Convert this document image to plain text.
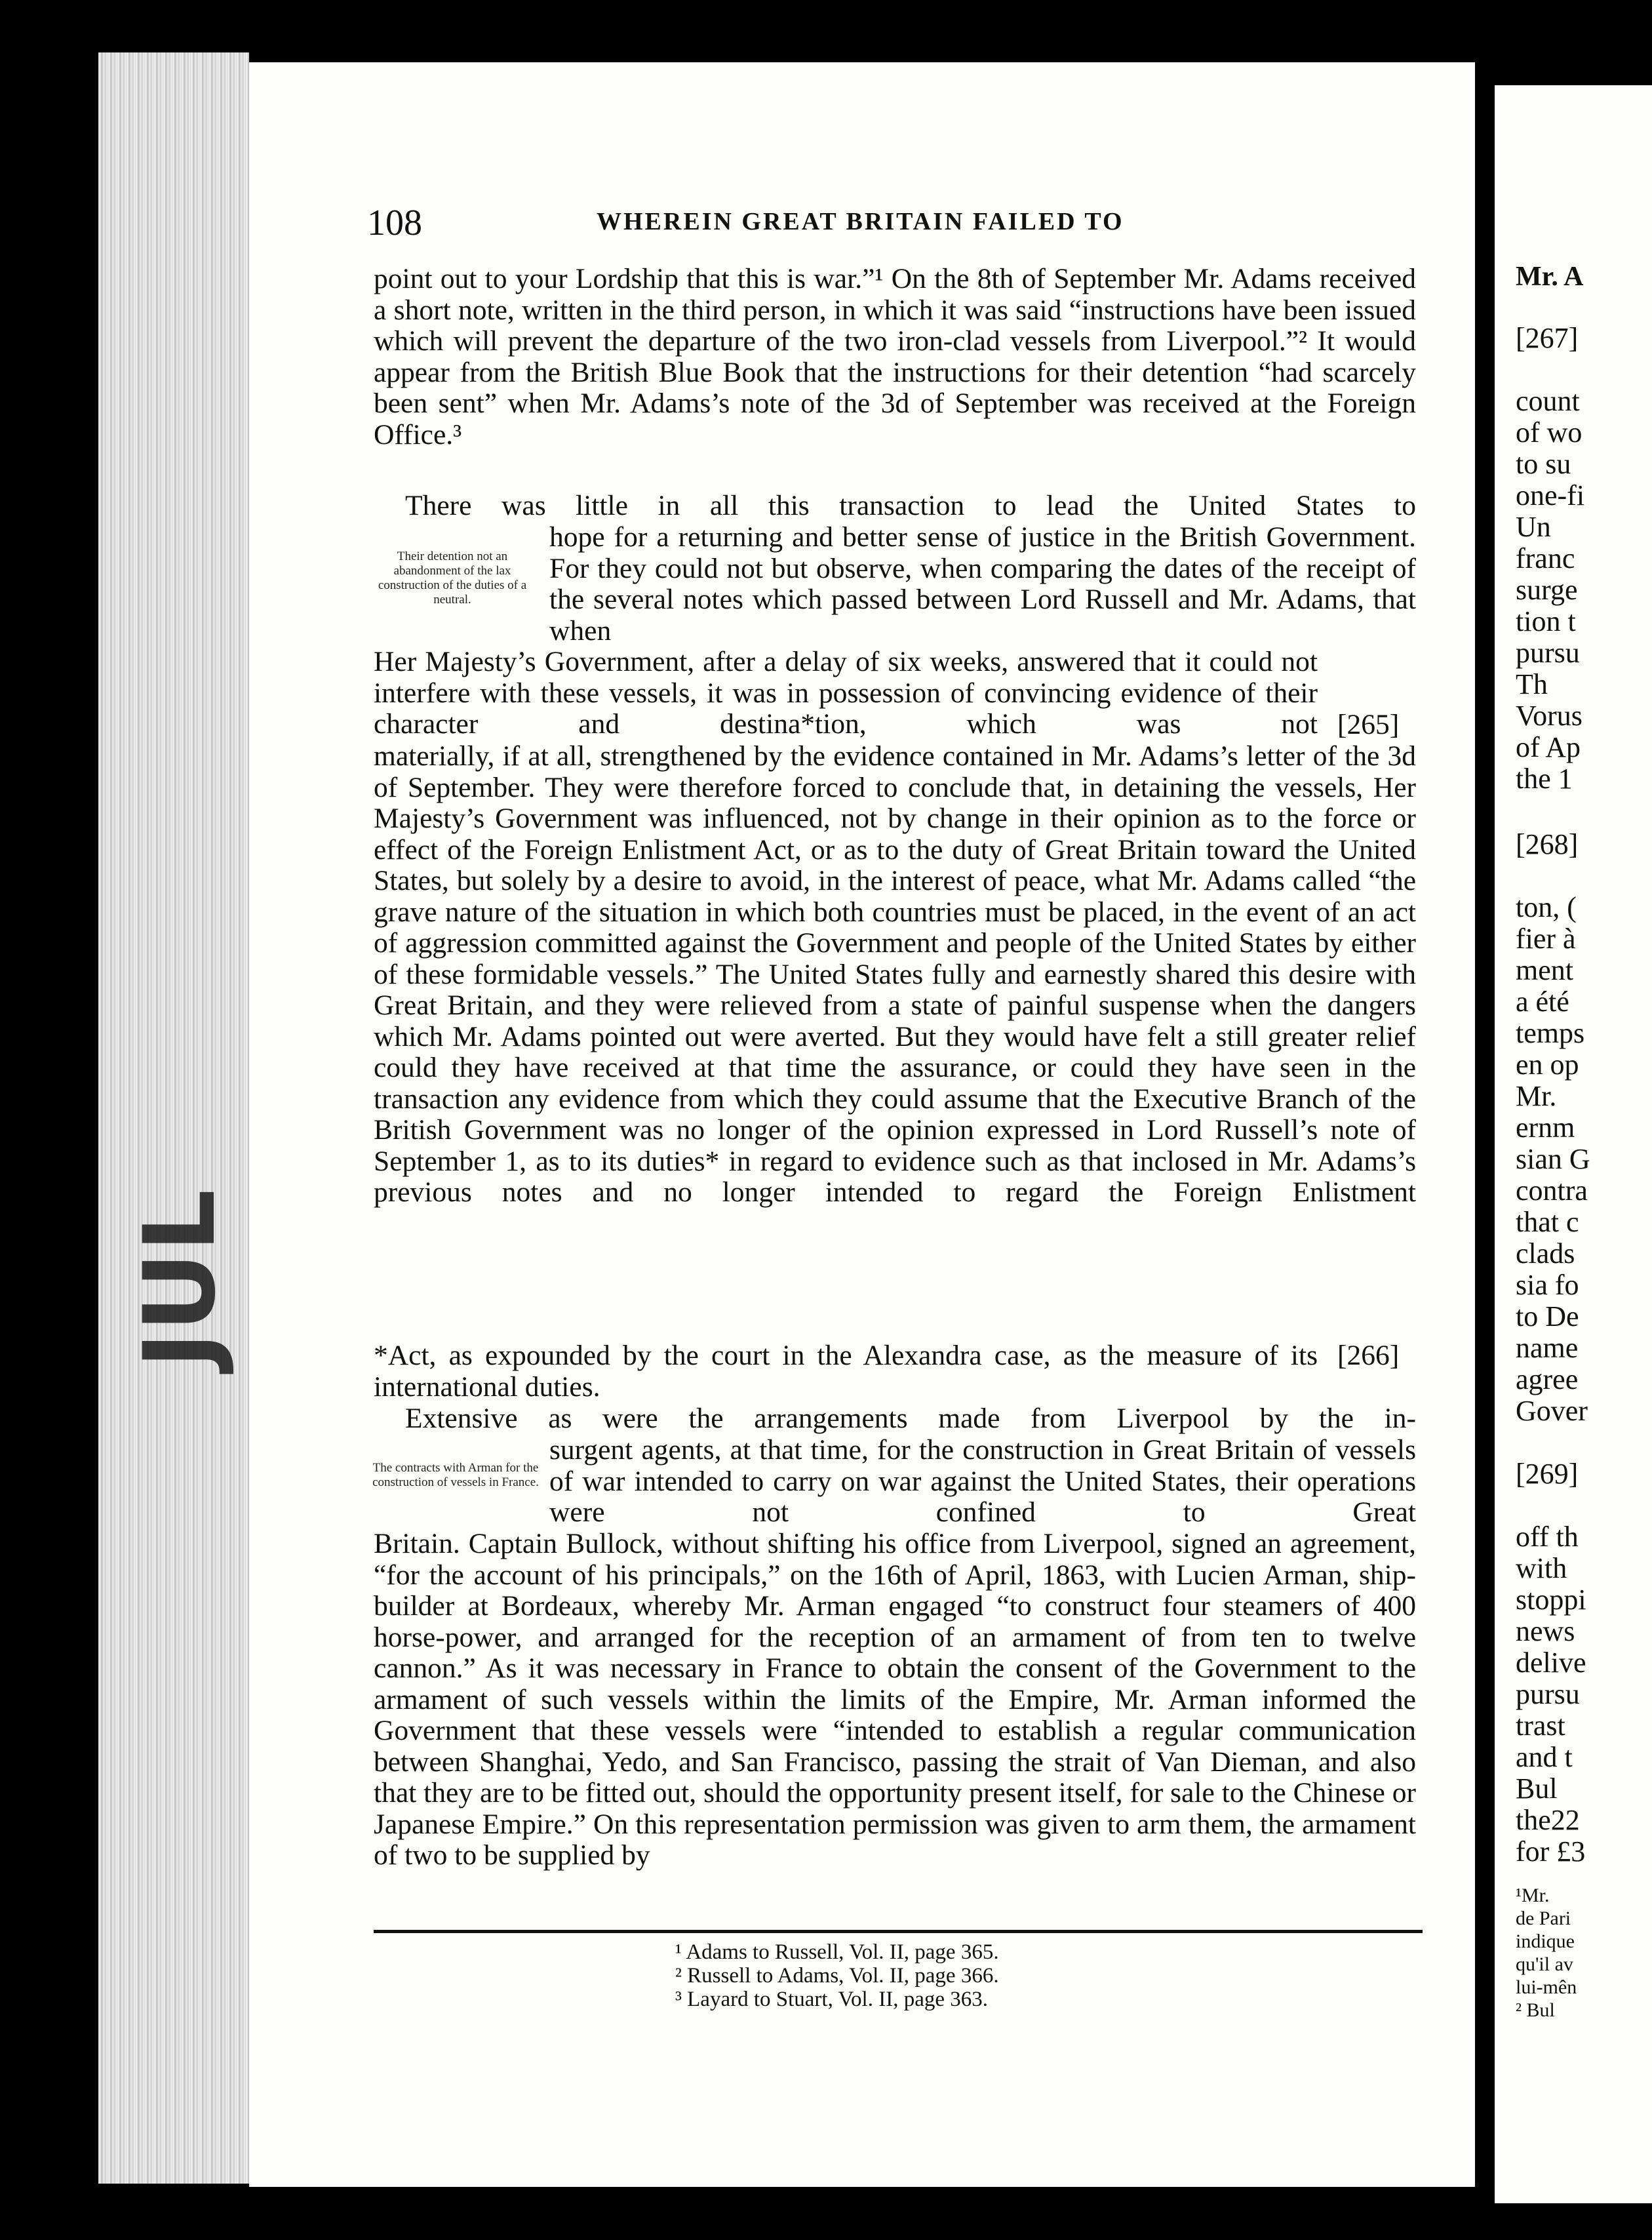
JUL
108	WHEREIN GREAT BRITAIN FAILED TO

point out to your Lordship that this is war.”¹ On the 8th of September Mr. Adams received a short note, written in the third person, in which it was said “instructions have been issued which will prevent the departure of the two iron-clad vessels from Liverpool.”² It would appear from the British Blue Book that the instructions for their detention “had scarcely been sent” when Mr. Adams’s note of the 3d of September was received at the Foreign Office.³

There was little in all this transaction to lead the United States to

Their detention not an abandonment of the lax construction of the duties of a neutral.

hope for a returning and better sense of justice in the British Government. For they could not but observe, when comparing the dates of the receipt of the several notes which passed between Lord Russell and Mr. Adams, that when

Her Majesty’s Government, after a delay of six weeks, answered that it could not interfere with these vessels, it was in possession of convincing evidence of their character and destina*tion, which was not [265]

materially, if at all, strengthened by the evidence contained in Mr. Adams’s letter of the 3d of September. They were therefore forced to conclude that, in detaining the vessels, Her Majesty’s Government was influenced, not by change in their opinion as to the force or effect of the Foreign Enlistment Act, or as to the duty of Great Britain toward the United States, but solely by a desire to avoid, in the interest of peace, what Mr. Adams called “the grave nature of the situation in which both countries must be placed, in the event of an act of aggression committed against the Government and people of the United States by either of these formidable vessels.” The United States fully and earnestly shared this desire with Great Britain, and they were relieved from a state of painful suspense when the dangers which Mr. Adams pointed out were averted. But they would have felt a still greater relief could they have received at that time the assurance, or could they have seen in the transaction any evidence from which they could assume that the Executive Branch of the British Government was no longer of the opinion expressed in Lord Russell’s note of September 1, as to its duties* in regard to evidence such as that inclosed in Mr. Adams’s previous notes and no longer intended to regard the Foreign Enlistment

*Act, as expounded by the court in the Alexandra case, as the measure of its international duties.

[266]

Extensive as were the arrangements made from Liverpool by the in-

The contracts with Arman for the construction of vessels in France.

surgent agents, at that time, for the construction in Great Britain of vessels of war intended to carry on war against the United States, their operations were not confined to Great

Britain. Captain Bullock, without shifting his office from Liverpool, signed an agreement, “for the account of his principals,” on the 16th of April, 1863, with Lucien Arman, ship-builder at Bordeaux, whereby Mr. Arman engaged “to construct four steamers of 400 horse-power, and arranged for the reception of an armament of from ten to twelve cannon.” As it was necessary in France to obtain the consent of the Government to the armament of such vessels within the limits of the Empire, Mr. Arman informed the Government that these vessels were “intended to establish a regular communication between Shanghai, Yedo, and San Francisco, passing the strait of Van Dieman, and also that they are to be fitted out, should the opportunity present itself, for sale to the Chinese or Japanese Empire.” On this representation permission was given to arm them, the armament of two to be supplied by

¹ Adams to Russell, Vol. II, page 365.
² Russell to Adams, Vol. II, page 366.
³ Layard to Stuart, Vol. II, page 363.
Mr. A
[267]
count
of wo
to su
one-fi
Un
franc
surge
tion t
pursu
Th
Vorus
of Ap
the 1
[268]
ton, (
fier à
ment
a été
temps
en op
Mr.
ernm
sian G
contra
that c
clads
sia fo
to De
name
agree
Gover
[269]
off th
with
stoppi
news
delive
pursu
trast
and t
Bul
the22
for £3
¹Mr.
de Pari
indique
qu'il av
lui-mên
² Bul
